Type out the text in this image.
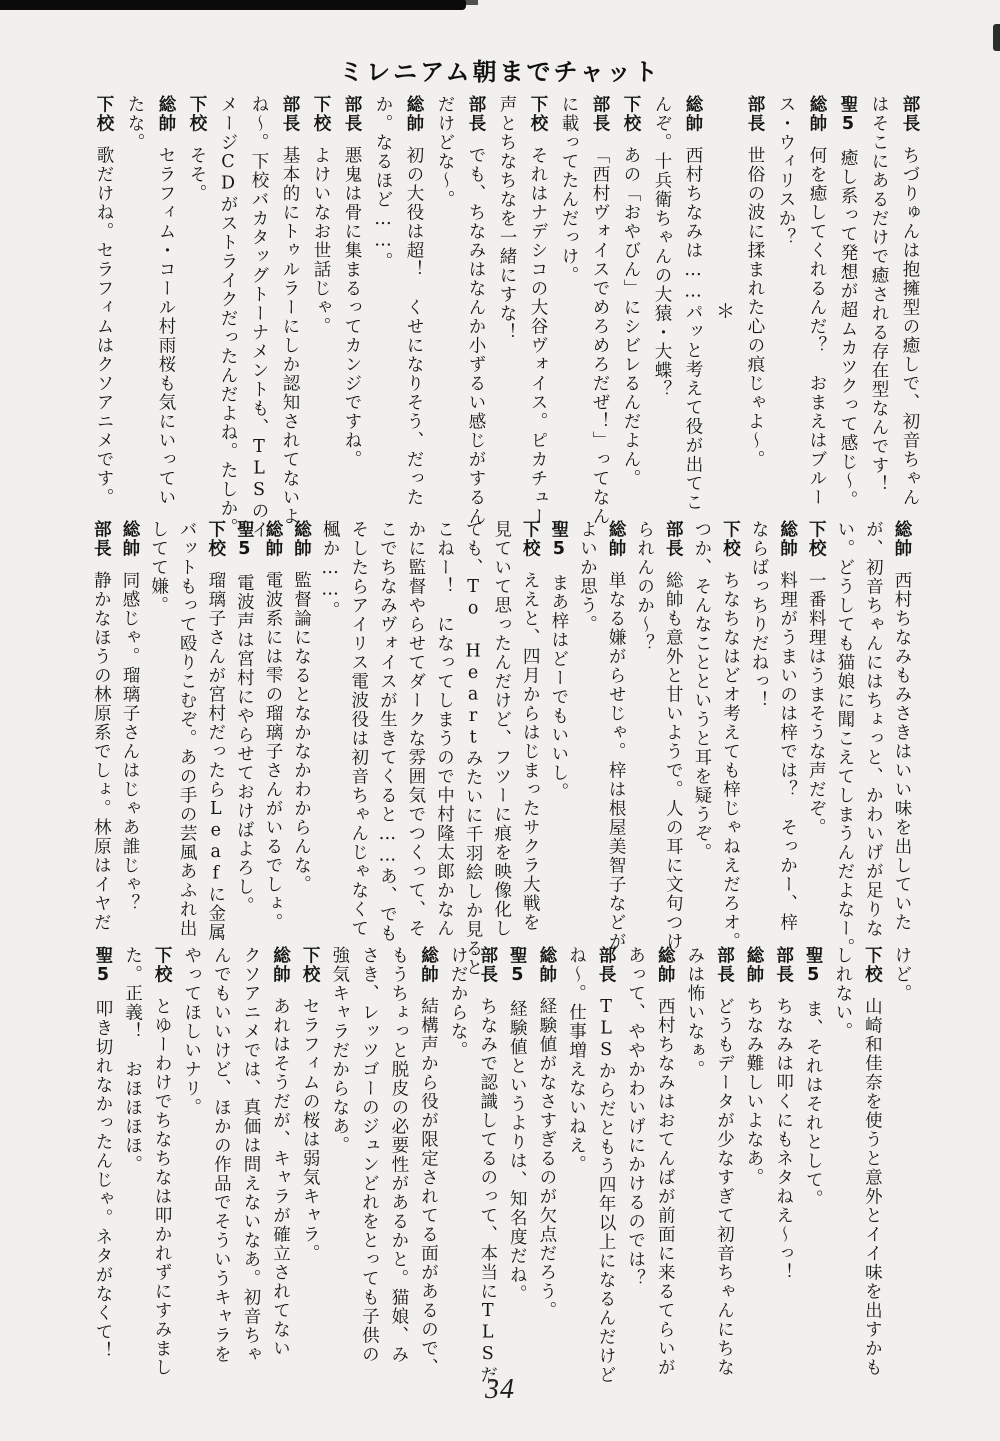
ミレニアム朝までチャット
部長ちづりゅんは抱擁型の癒しで、初音ちゃん
はそこにあるだけで癒される存在型なんです！
聖5癒し系って発想が超ムカツクって感じ～。
総帥何を癒してくれるんだ？　おまえはブルー
ス・ウィリスか？
部長世俗の波に揉まれた心の痕じゃよ～。
＊
総帥西村ちなみは……パッと考えて役が出てこ
んぞ。十兵衛ちゃんの大猿・大蝶？
下校あの「おやびん」にシビレるんだよん。
部長「西村ヴォイスでめろめろだぜ！」ってなん
に載ってたんだっけ。
下校それはナデシコの大谷ヴォイス。ピカチュー
声とちなちなを一緒にすな！
部長でも、ちなみはなんか小ずるい感じがするん
だけどな～。
総帥初の大役は超！　くせになりそう、だった
か。なるほど……。
部長悪鬼は骨に集まるってカンジですね。
下校よけいなお世話じゃ。
部長基本的にトゥルラーにしか認知されてないよ
ね～。下校バカタッグトーナメントも、TLSのイ
メージCDがストライクだったんだよね。たしか。
下校そそ。
総帥セラフィム・コール村雨桜も気にいってい
たな。
下校歌だけね。セラフィムはクソアニメです。
総帥西村ちなみもみさきはいい味を出していた
が、初音ちゃんにはちょっと、かわいげが足りな
い。どうしても猫娘に聞こえてしまうんだよなー。
下校一番料理はうまそうな声だぞ。
総帥料理がうまいのは梓では？　そっかー、梓
ならばっちりだねっ！
下校ちなちなはどオ考えても梓じゃねえだろオ。
つか、そんなことというと耳を疑うぞ。
部長総帥も意外と甘いようで。人の耳に文句つけ
られんのか～？
総帥単なる嫌がらせじゃ。梓は根屋美智子などが
よいか思う。
聖5まあ梓はどーでもいいし。
下校ええと、四月からはじまったサクラ大戦を
見ていて思ったんだけど、フツーに痕を映像化し
ても、To Heartみたいに千羽絵しか見ると
こねー！　になってしまうので中村隆太郎かなん
かに監督やらせてダークな雰囲気でつくって、そ
こでちなみヴォイスが生きてくると……あ、でも
そしたらアイリス電波役は初音ちゃんじゃなくて
楓か……。
総帥監督論になるとなかなかわからんな。
総帥電波系には雫の瑠璃子さんがいるでしょ。
聖5電波声は宮村にやらせておけばよろし。
下校瑠璃子さんが宮村だったらLeafに金属
バットもって殴りこむぞ。あの手の芸風あふれ出
してて嫌。
総帥同感じゃ。瑠璃子さんはじゃあ誰じゃ？
部長静かなほうの林原系でしょ。林原はイヤだ
けど。
下校山崎和佳奈を使うと意外とイイ味を出すかも
しれない。
聖5ま、それはそれとして。
部長ちなみは叩くにもネタねえ～っ！
総帥ちなみ難しいよなあ。
部長どうもデータが少なすぎて初音ちゃんにちな
みは怖いなぁ。
総帥西村ちなみはおてんばが前面に来るてらいが
あって、ややかわいげにかけるのでは？
部長TLSからだともう四年以上になるんだけど
ね～。仕事増えないねえ。
総帥経験値がなさすぎるのが欠点だろう。
聖5経験値というよりは、知名度だね。
部長ちなみで認識してるのって、本当にTLSだ
けだからな。
総帥結構声から役が限定されてる面があるので、
もうちょっと脱皮の必要性があるかと。猫娘、み
さき、レッツゴーのジュンどれをとっても子供の
強気キャラだからなあ。
下校セラフィムの桜は弱気キャラ。
総帥あれはそうだが、キャラが確立されてない
クソアニメでは、真価は問えないなあ。初音ちゃ
んでもいいけど、ほかの作品でそういうキャラを
やってほしいナリ。
下校とゆーわけでちなちなは叩かれずにすみまし
た。正義！　おほほほほ。
聖5叩き切れなかったんじゃ。ネタがなくて！
34
